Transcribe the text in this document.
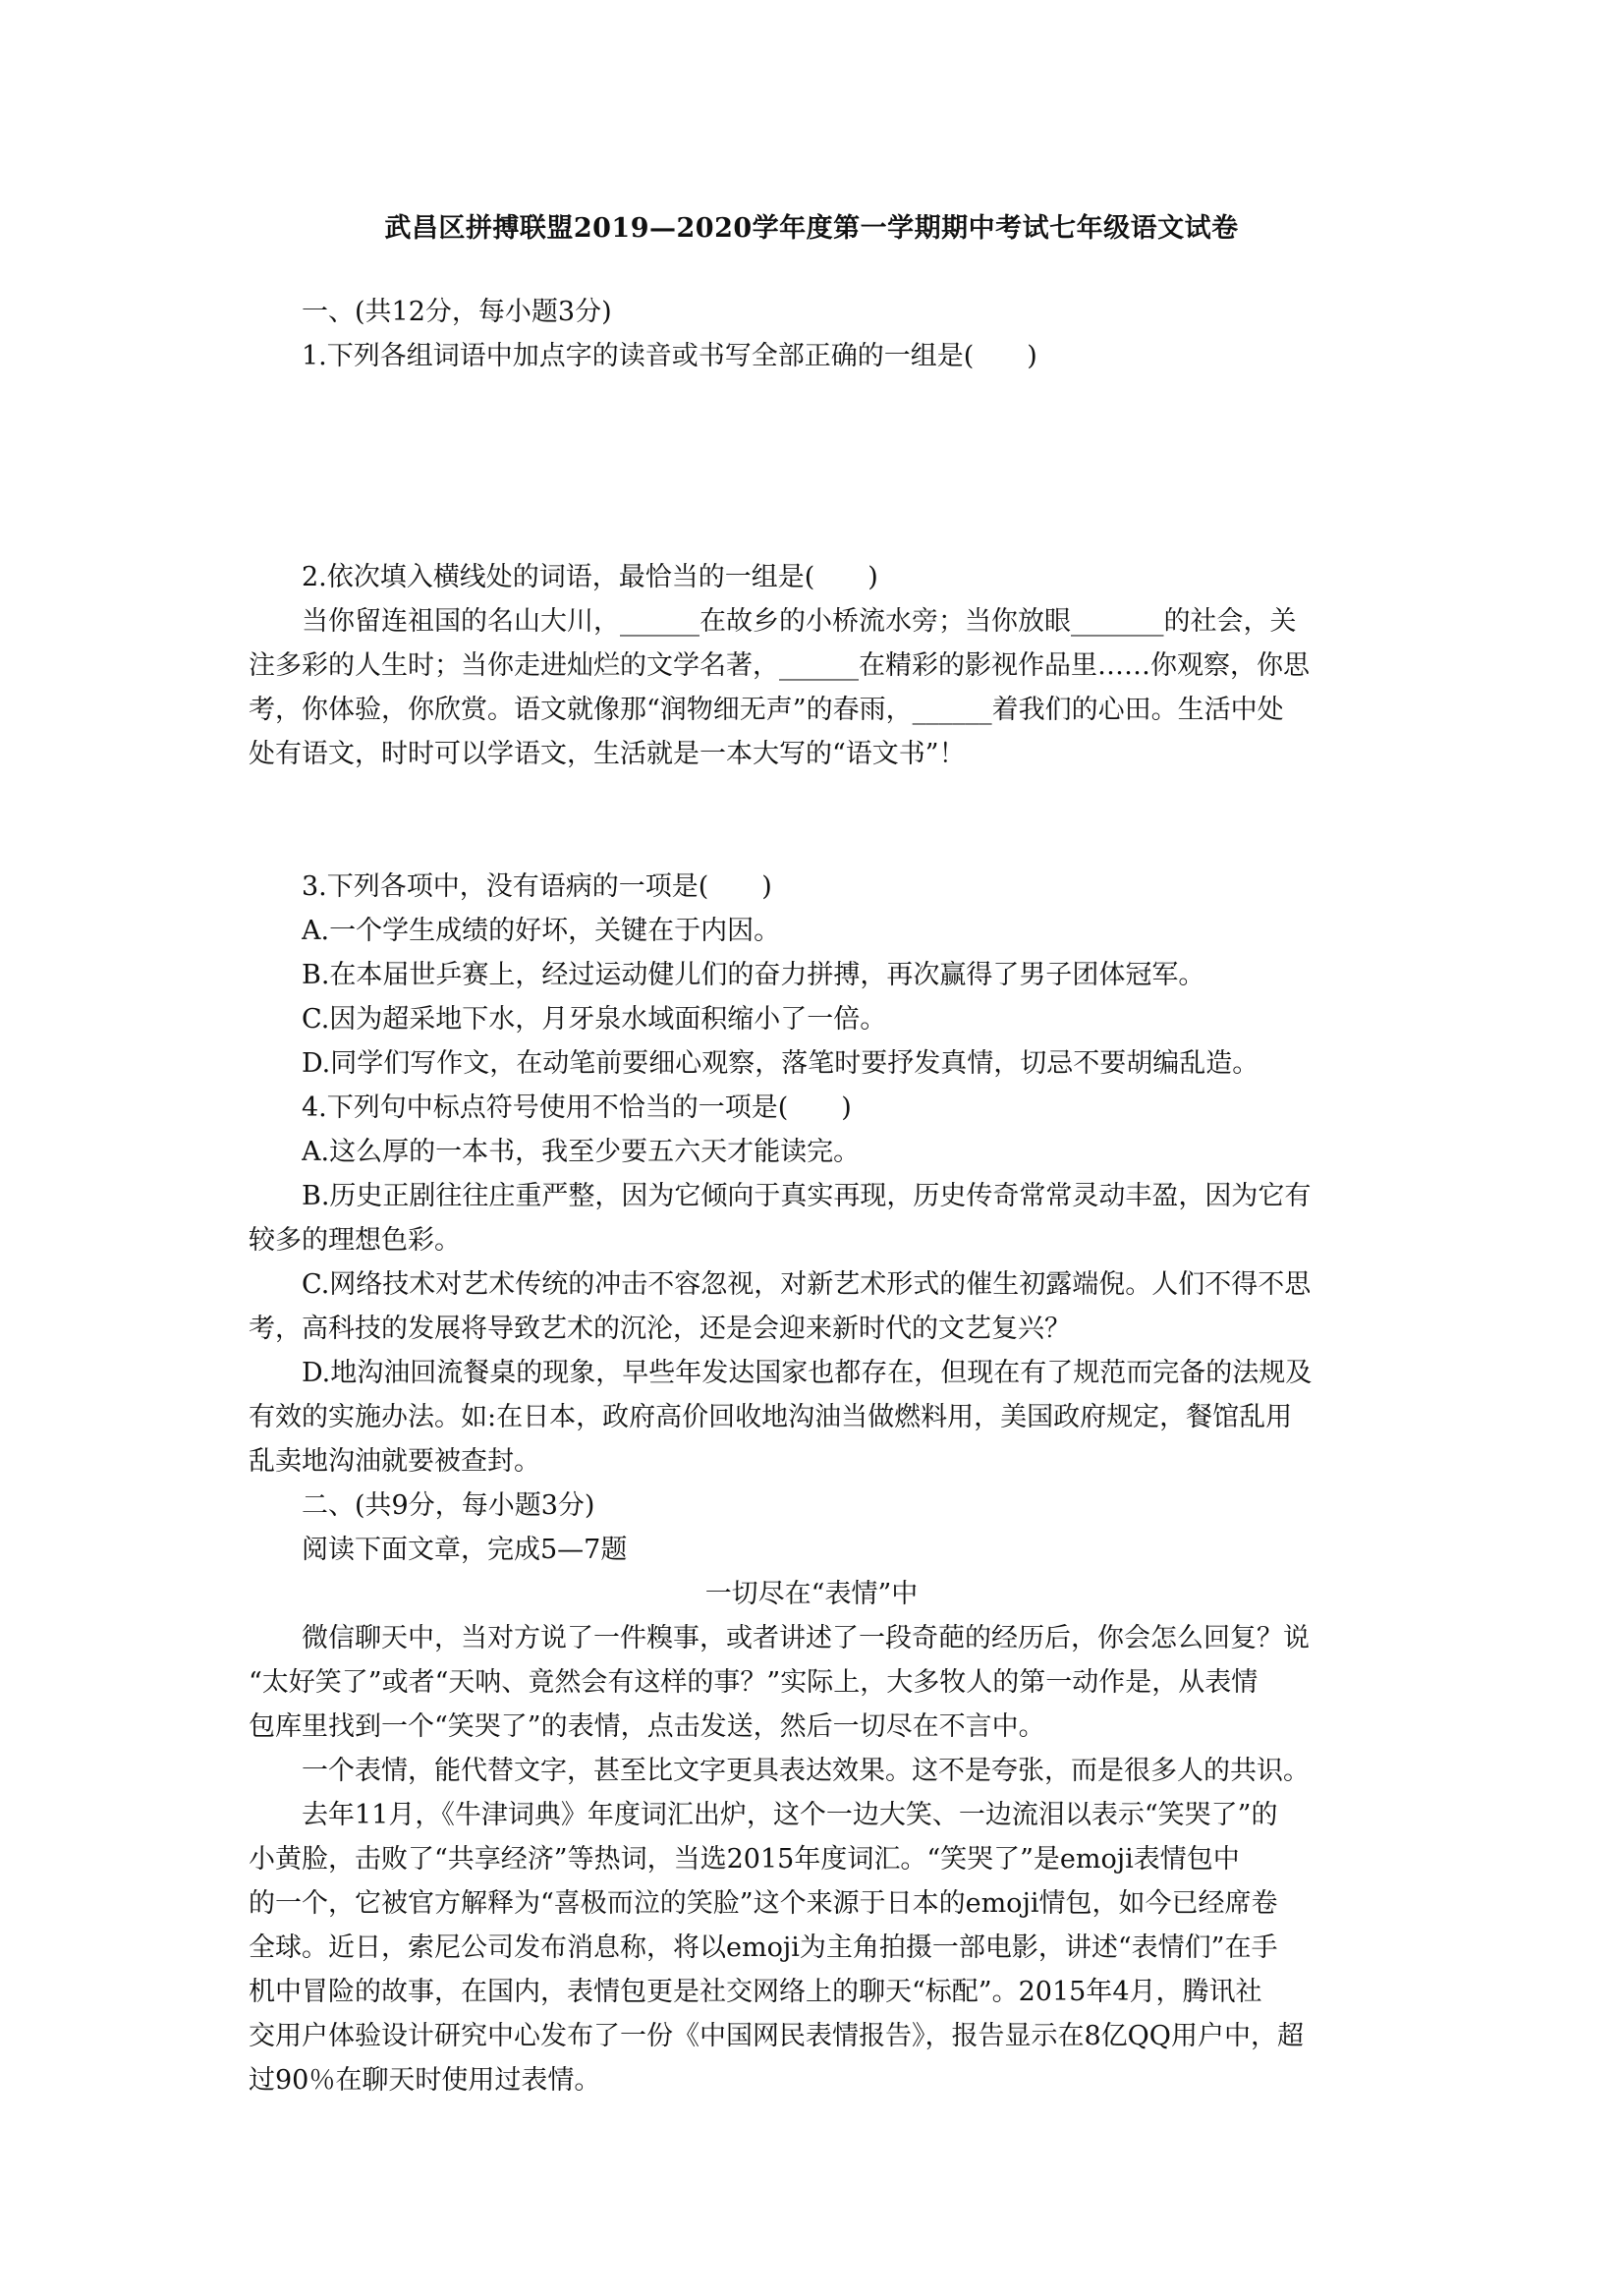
武昌区拼搏联盟2019—2020学年度第一学期期中考试七年级语文试卷
一、(共12分，每小题3分)
1.下列各组词语中加点字的读音或书写全部正确的一组是(　　)
2.依次填入横线处的词语，最恰当的一组是(　　)
当你留连祖国的名山大川，______在故乡的小桥流水旁；当你放眼_______的社会，关
注多彩的人生时；当你走进灿烂的文学名著，______在精彩的影视作品里……你观察，你思
考，你体验，你欣赏。语文就像那“润物细无声”的春雨，______着我们的心田。生活中处
处有语文，时时可以学语文，生活就是一本大写的“语文书”！
3.下列各项中，没有语病的一项是(　　)
A.一个学生成绩的好坏，关键在于内因。
B.在本届世乒赛上，经过运动健儿们的奋力拼搏，再次赢得了男子团体冠军。
C.因为超采地下水，月牙泉水域面积缩小了一倍。
D.同学们写作文，在动笔前要细心观察，落笔时要抒发真情，切忌不要胡编乱造。
4.下列句中标点符号使用不恰当的一项是(　　)
A.这么厚的一本书，我至少要五六天才能读完。
B.历史正剧往往庄重严整，因为它倾向于真实再现，历史传奇常常灵动丰盈，因为它有
较多的理想色彩。
C.网络技术对艺术传统的冲击不容忽视，对新艺术形式的催生初露端倪。人们不得不思
考，高科技的发展将导致艺术的沉沦，还是会迎来新时代的文艺复兴？
D.地沟油回流餐桌的现象，早些年发达国家也都存在，但现在有了规范而完备的法规及
有效的实施办法。如:在日本，政府高价回收地沟油当做燃料用，美国政府规定，餐馆乱用
乱卖地沟油就要被查封。
二、(共9分，每小题3分)
阅读下面文章，完成5—7题
一切尽在“表情”中
微信聊天中，当对方说了一件糗事，或者讲述了一段奇葩的经历后，你会怎么回复？说
“太好笑了”或者“天呐、竟然会有这样的事？”实际上，大多牧人的第一动作是，从表情
包库里找到一个“笑哭了”的表情，点击发送，然后一切尽在不言中。
一个表情，能代替文字，甚至比文字更具表达效果。这不是夸张，而是很多人的共识。
去年11月，《牛津词典》年度词汇出炉，这个一边大笑、一边流泪以表示“笑哭了”的
小黄脸，击败了“共享经济”等热词，当选2015年度词汇。“笑哭了”是emoji表情包中
的一个，它被官方解释为“喜极而泣的笑脸”这个来源于日本的emoji情包，如今已经席卷
全球。近日，索尼公司发布消息称，将以emoji为主角拍摄一部电影，讲述“表情们”在手
机中冒险的故事，在国内，表情包更是社交网络上的聊天“标配”。2015年4月，腾讯社
交用户体验设计研究中心发布了一份《中国网民表情报告》，报告显示在8亿QQ用户中，超
过90％在聊天时使用过表情。
